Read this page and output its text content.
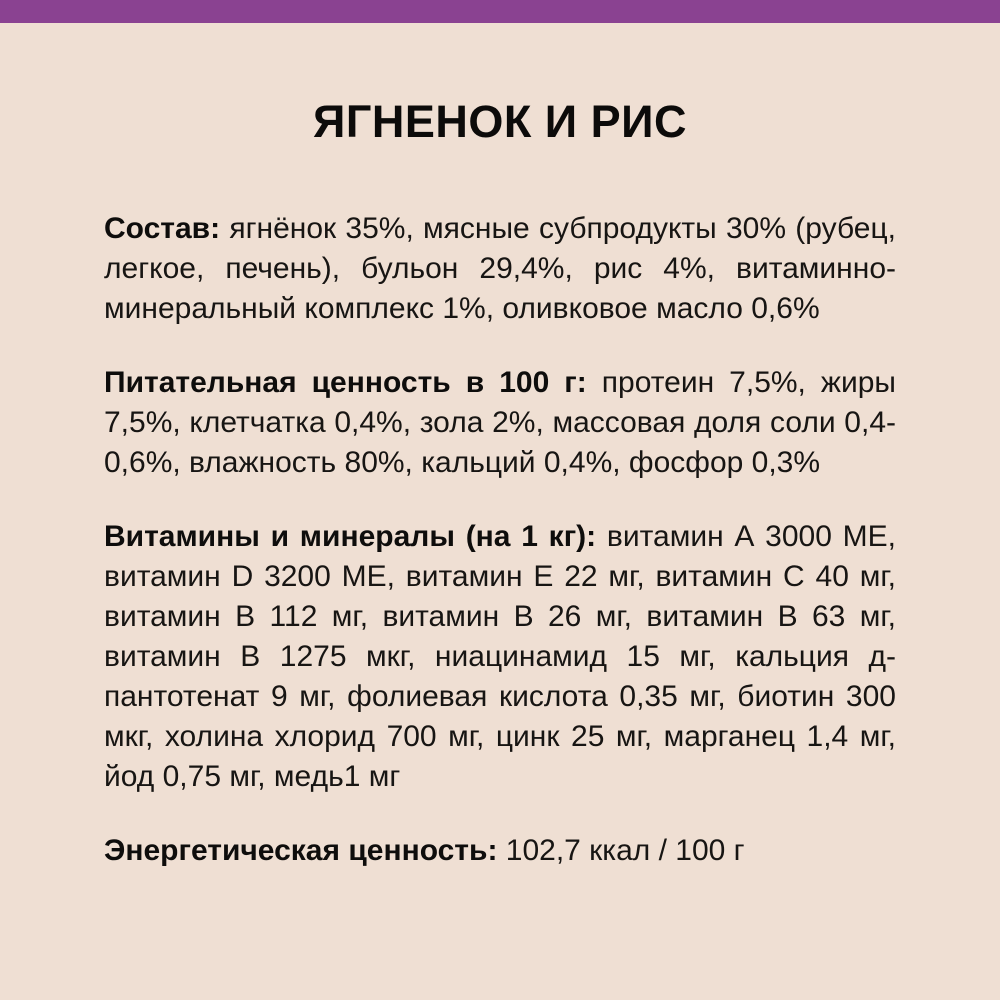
ЯГНЕНОК И РИС

Состав: ягнёнок 35%, мясные субпродукты 30% (рубец, легкое, печень), бульон 29,4%, рис 4%, витаминно-минеральный комплекс 1%, оливковое масло 0,6%

Питательная ценность в 100 г: протеин 7,5%, жиры 7,5%, клетчатка 0,4%, зола 2%, массовая доля соли 0,4-0,6%, влажность 80%, кальций 0,4%, фосфор 0,3%

Витамины и минералы (на 1 кг): витамин А 3000 МЕ, витамин D 3200 МЕ, витамин Е 22 мг, витамин С 40 мг, витамин В 112 мг, витамин В 26 мг, витамин В 63 мг, витамин В 1275 мкг, ниацинамид 15 мг, кальция д-пантотенат 9 мг, фолиевая кислота 0,35 мг, биотин 300 мкг, холина хлорид 700 мг, цинк 25 мг, марганец 1,4 мг, йод 0,75 мг, медь1 мг

Энергетическая ценность: 102,7 ккал / 100 г
